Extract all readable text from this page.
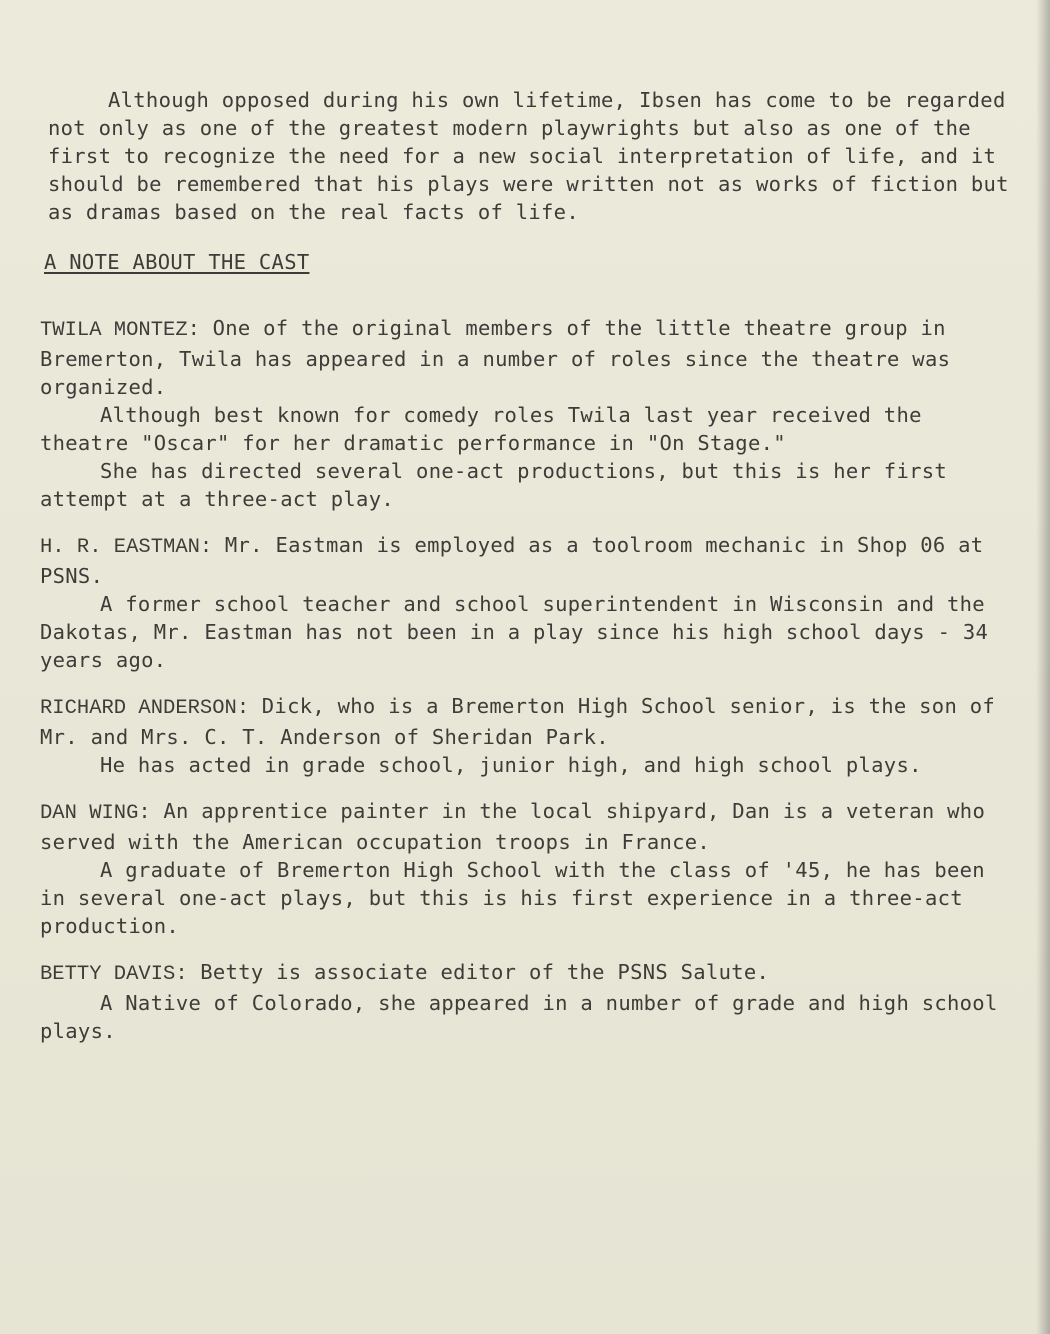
Although opposed during his own lifetime, Ibsen has come to be regarded not only as one of the greatest modern playwrights but also as one of the first to recognize the need for a new social interpretation of life, and it should be remembered that his plays were written not as works of fiction but as dramas based on the real facts of life.

A NOTE ABOUT THE CAST

TWILA MONTEZ: One of the original members of the little theatre group in Bremerton, Twila has appeared in a number of roles since the theatre was organized.

Although best known for comedy roles Twila last year received the theatre "Oscar" for her dramatic performance in "On Stage."

She has directed several one-act productions, but this is her first attempt at a three-act play.

H. R. EASTMAN: Mr. Eastman is employed as a toolroom mechanic in Shop 06 at PSNS.

A former school teacher and school superintendent in Wisconsin and the Dakotas, Mr. Eastman has not been in a play since his high school days - 34 years ago.

RICHARD ANDERSON: Dick, who is a Bremerton High School senior, is the son of Mr. and Mrs. C. T. Anderson of Sheridan Park.

He has acted in grade school, junior high, and high school plays.

DAN WING: An apprentice painter in the local shipyard, Dan is a veteran who served with the American occupation troops in France.

A graduate of Bremerton High School with the class of '45, he has been in several one-act plays, but this is his first experience in a three-act production.

BETTY DAVIS: Betty is associate editor of the PSNS Salute.

A Native of Colorado, she appeared in a number of grade and high school plays.
